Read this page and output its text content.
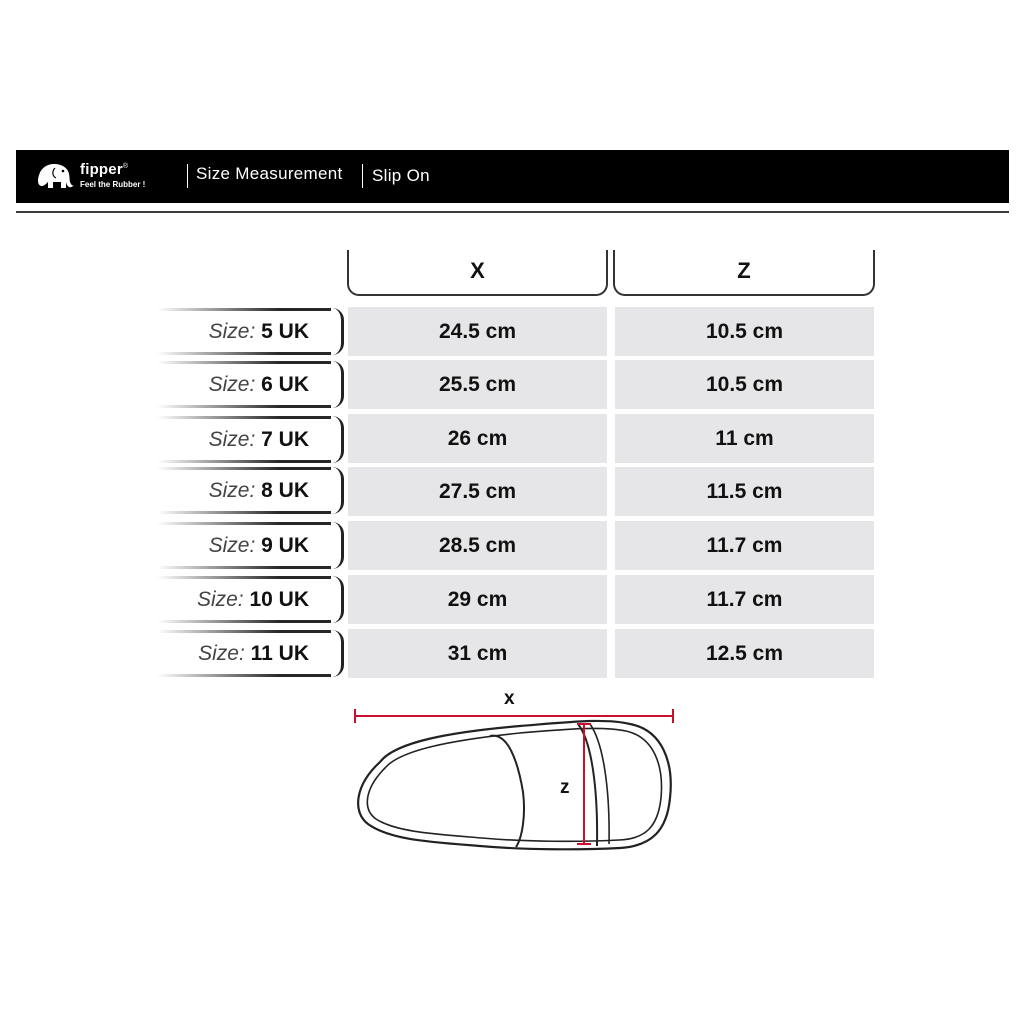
fipper®
Feel the Rubber !
Size Measurement Slip On
X	Z
Size: 5 UK	24.5 cm	10.5 cm
Size: 6 UK	25.5 cm	10.5 cm
Size: 7 UK	26 cm	11 cm
Size: 8 UK	27.5 cm	11.5 cm
Size: 9 UK	28.5 cm	11.7 cm
Size: 10 UK	29 cm	11.7 cm
Size: 11 UK	31 cm	12.5 cm
x
z
